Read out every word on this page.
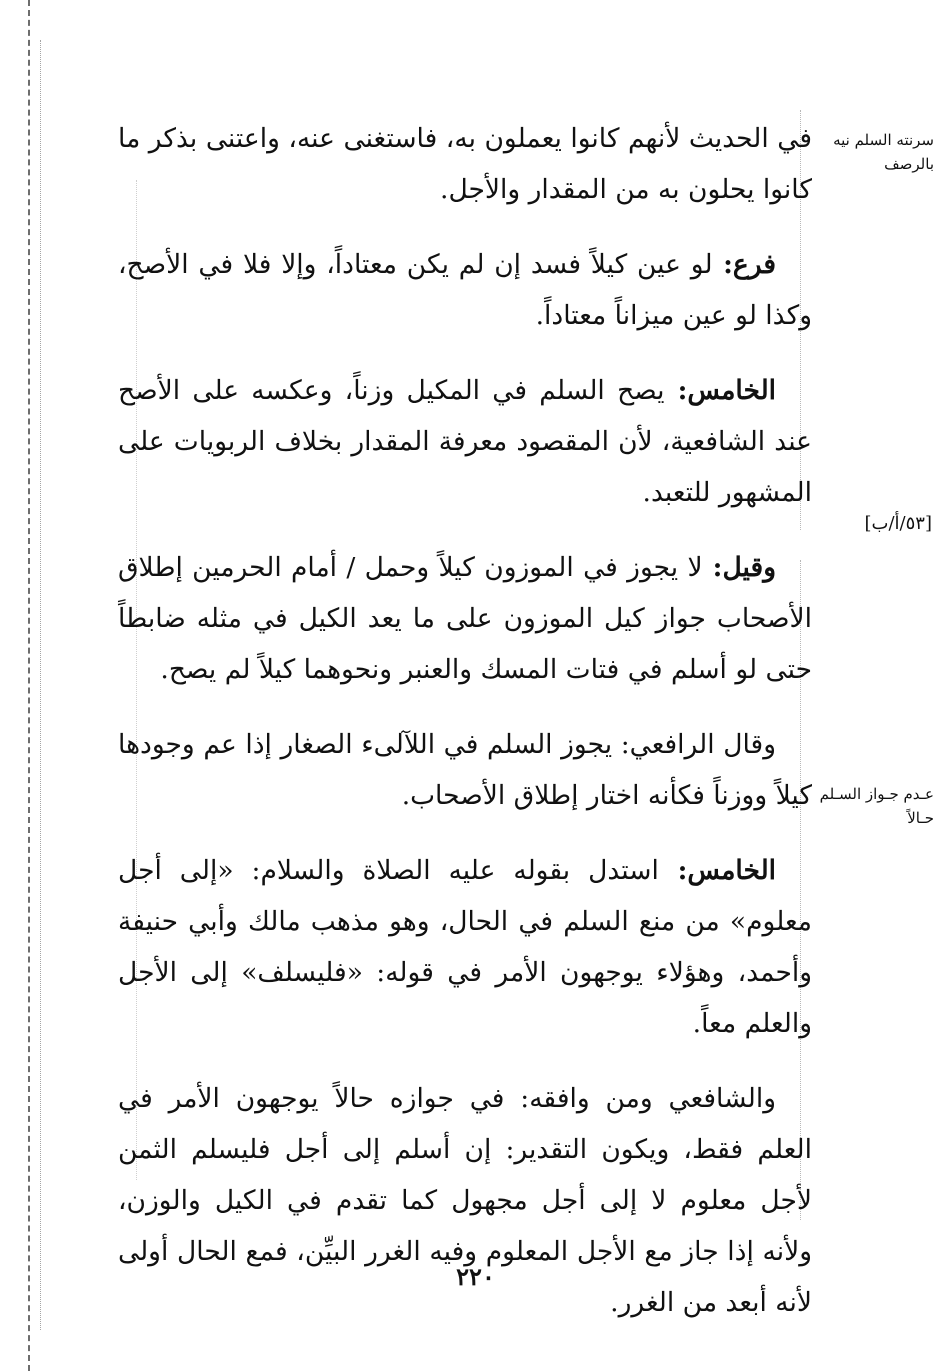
سرنته السلم نيه بالرصف
[٥٣/أ/ب]
عـدم جـواز السـلم حـالاً

في الحديث لأنهم كانوا يعملون به، فاستغنى عنه، واعتنى بذكر ما كانوا يحلون به من المقدار والأجل.

فرع: لو عين كيلاً فسد إن لم يكن معتاداً، وإلا فلا في الأصح، وكذا لو عين ميزاناً معتاداً.

الخامس: يصح السلم في المكيل وزناً، وعكسه على الأصح عند الشافعية، لأن المقصود معرفة المقدار بخلاف الربويات على المشهور للتعبد.

وقيل: لا يجوز في الموزون كيلاً وحمل / أمام الحرمين إطلاق الأصحاب جواز كيل الموزون على ما يعد الكيل في مثله ضابطاً حتى لو أسلم في فتات المسك والعنبر ونحوهما كيلاً لم يصح.

وقال الرافعي: يجوز السلم في اللآلىء الصغار إذا عم وجودها كيلاً ووزناً فكأنه اختار إطلاق الأصحاب.

الخامس: استدل بقوله عليه الصلاة والسلام: «إلى أجل معلوم» من منع السلم في الحال، وهو مذهب مالك وأبي حنيفة وأحمد، وهؤلاء يوجهون الأمر في قوله: «فليسلف» إلى الأجل والعلم معاً.

والشافعي ومن وافقه: في جوازه حالاً يوجهون الأمر في العلم فقط، ويكون التقدير: إن أسلم إلى أجل فليسلم الثمن لأجل معلوم لا إلى أجل مجهول كما تقدم في الكيل والوزن، ولأنه إذا جاز مع الأجل المعلوم وفيه الغرر البيِّن، فمع الحال أولى لأنه أبعد من الغرر.

٢٢٠
